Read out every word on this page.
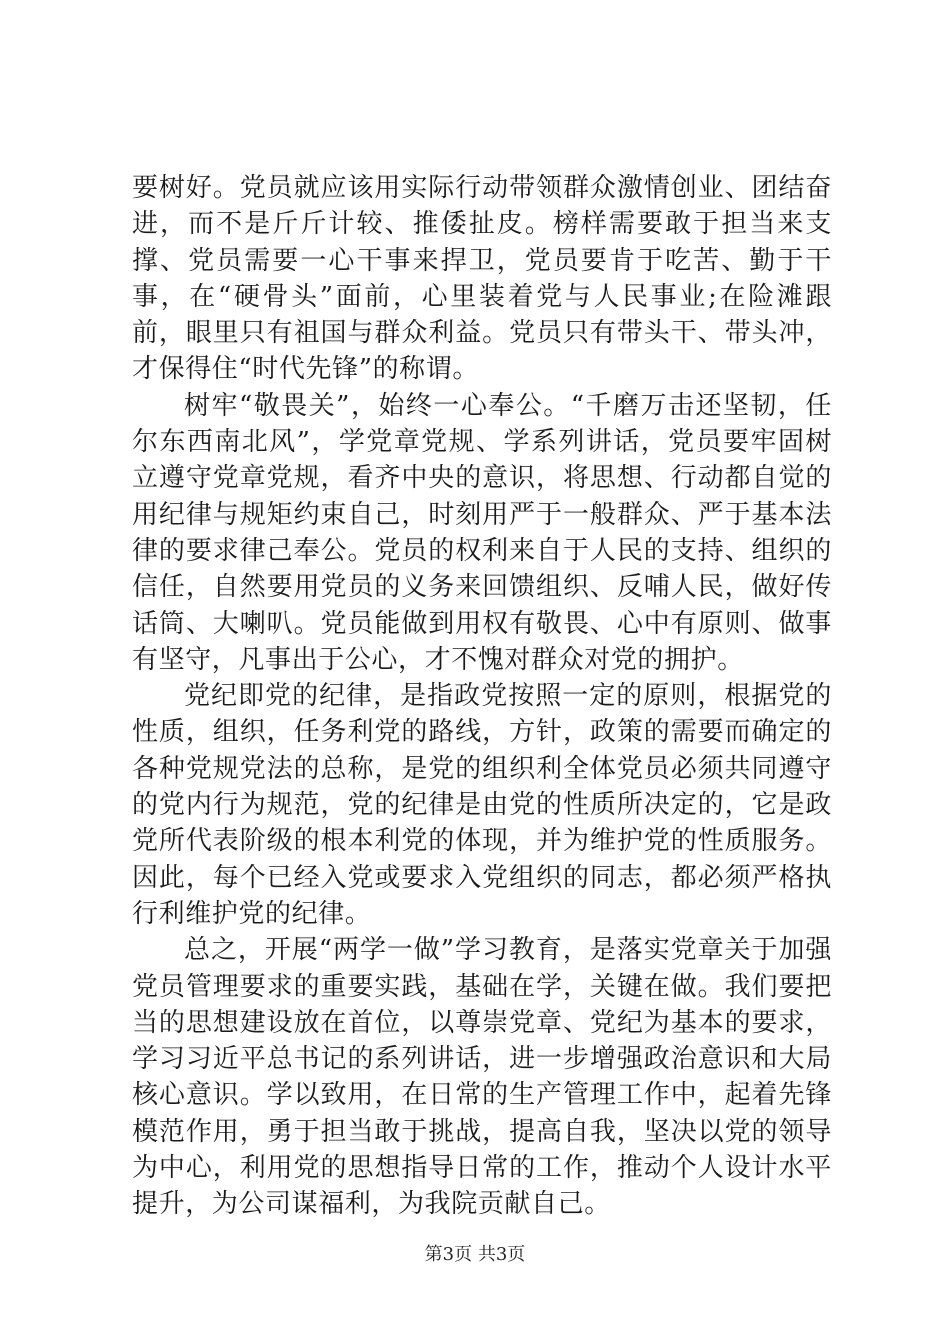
要树好。党员就应该用实际行动带领群众激情创业、团结奋进，而不是斤斤计较、推倭扯皮。榜样需要敢于担当来支撑、党员需要一心干事来捍卫，党员要肯于吃苦、勤于干事，在“硬骨头”面前，心里装着党与人民事业;在险滩跟前，眼里只有祖国与群众利益。党员只有带头干、带头冲，才保得住“时代先锋”的称谓。

树牢“敬畏关”，始终一心奉公。“千磨万击还坚韧，任尔东西南北风”，学党章党规、学系列讲话，党员要牢固树立遵守党章党规，看齐中央的意识，将思想、行动都自觉的用纪律与规矩约束自己，时刻用严于一般群众、严于基本法律的要求律己奉公。党员的权利来自于人民的支持、组织的信任，自然要用党员的义务来回馈组织、反哺人民，做好传话筒、大喇叭。党员能做到用权有敬畏、心中有原则、做事有坚守，凡事出于公心，才不愧对群众对党的拥护。

党纪即党的纪律，是指政党按照一定的原则，根据党的性质，组织，任务利党的路线，方针，政策的需要而确定的各种党规党法的总称，是党的组织利全体党员必须共同遵守的党内行为规范，党的纪律是由党的性质所决定的，它是政党所代表阶级的根本利党的体现，并为维护党的性质服务。因此，每个已经入党或要求入党组织的同志，都必须严格执行利维护党的纪律。

总之，开展“两学一做”学习教育，是落实党章关于加强党员管理要求的重要实践，基础在学，关键在做。我们要把当的思想建设放在首位，以尊崇党章、党纪为基本的要求，学习习近平总书记的系列讲话，进一步增强政治意识和大局核心意识。学以致用，在日常的生产管理工作中，起着先锋模范作用，勇于担当敢于挑战，提高自我，坚决以党的领导为中心，利用党的思想指导日常的工作，推动个人设计水平提升，为公司谋福利，为我院贡献自己。

第3页 共3页
